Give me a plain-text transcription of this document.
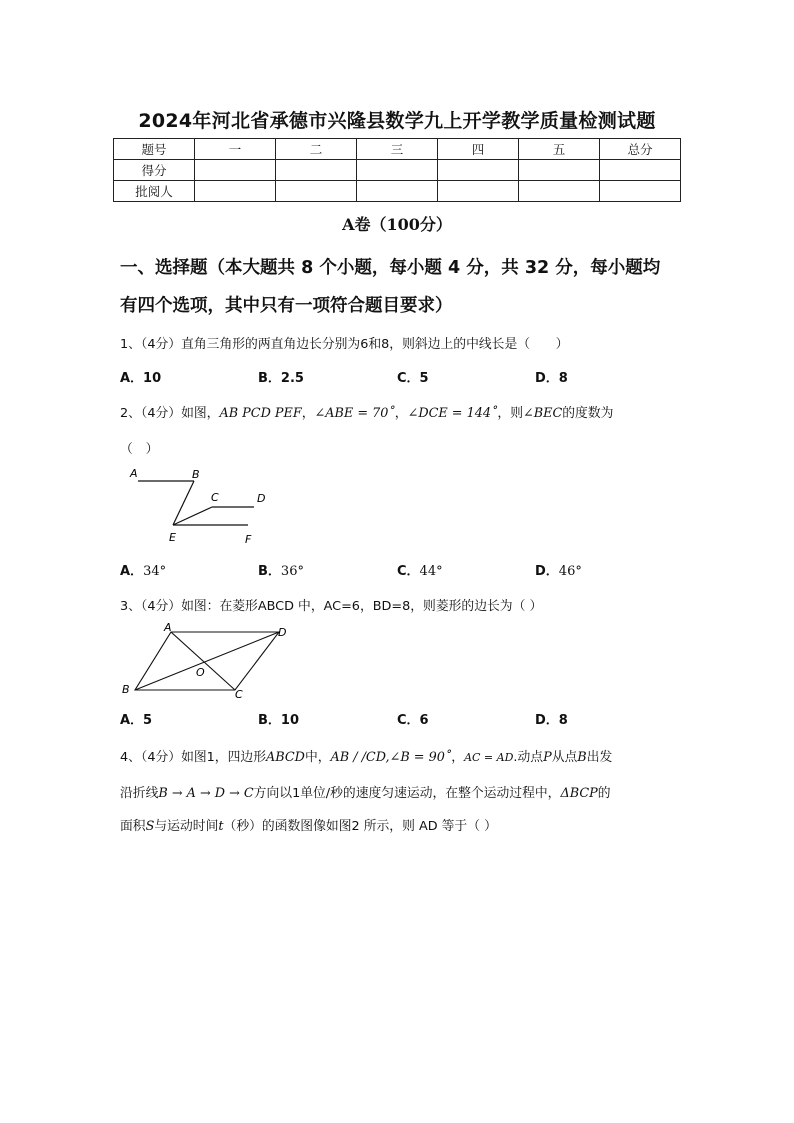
2024年河北省承德市兴隆县数学九上开学教学质量检测试题
题号	一	二	三	四	五	总分
得分						
批阅人						
A卷（100分）
一、选择题（本大题共 8 个小题，每小题 4 分，共 32 分，每小题均
有四个选项，其中只有一项符合题目要求）
1、（4分）直角三角形的两直角边长分别为6和8，则斜边上的中线长是（　　）
A．10	B．2.5	C．5	D．8
2、（4分）如图，AB PCD PEF，∠ABE = 70˚，∠DCE = 144˚，则∠BEC的度数为
（　）
A	B
C	D
E	F
A．34°	B．36°	C．44°	D．46°
3、（4分）如图：在菱形ABCD 中，AC=6，BD=8，则菱形的边长为（ ）
A	D
O
B	C
A．5	B．10	C．6	D．8
4、（4分）如图1，四边形ABCD中，AB / /CD,∠B = 90˚，AC = AD.动点P从点B出发
沿折线B → A → D → C方向以1单位/秒的速度匀速运动，在整个运动过程中，ΔBCP的
面积S与运动时间t（秒）的函数图像如图2 所示，则 AD 等于（ ）
